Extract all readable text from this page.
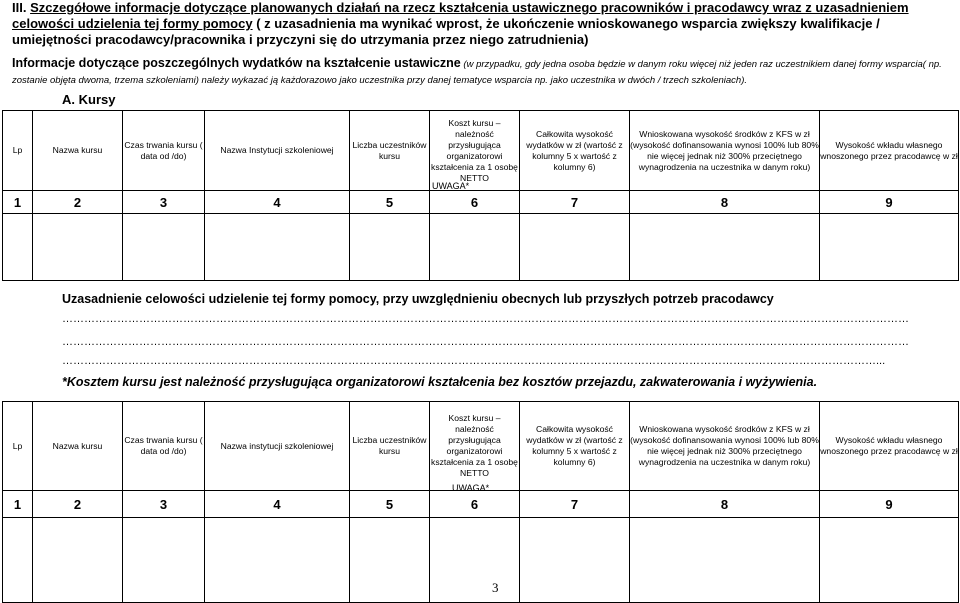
III. Szczegółowe informacje dotyczące planowanych działań na rzecz kształcenia ustawicznego pracowników i pracodawcy wraz z uzasadnieniem celowości udzielenia tej formy pomocy ( z uzasadnienia ma wynikać wprost, że ukończenie wnioskowanego wsparcia zwiększy kwalifikacje / umiejętności pracodawcy/pracownika i przyczyni się do utrzymania przez niego zatrudnienia)
Informacje dotyczące poszczególnych wydatków na kształcenie ustawiczne (w przypadku, gdy jedna osoba będzie w danym roku więcej niż jeden raz uczestnikiem danej formy wsparcia( np. zostanie objęta dwoma, trzema szkoleniami) należy wykazać ją każdorazowo jako uczestnika przy danej tematyce wsparcia np. jako uczestnika w dwóch / trzech szkoleniach).
A. Kursy
Lp	Nazwa kursu	Czas trwania kursu ( data od /do)	Nazwa Instytucji szkoleniowej	Liczba uczestników kursu	Koszt kursu – należność przysługująca organizatorowi kształcenia za 1 osobę NETTO	Całkowita wysokość wydatków w zł (wartość z kolumny 5 x wartość z kolumny 6)	Wnioskowana wysokość środków z KFS w zł (wysokość dofinansowania wynosi 100% lub 80% nie więcej jednak niż 300% przeciętnego wynagrodzenia na uczestnika w danym roku)	Wysokość wkładu własnego wnoszonego przez pracodawcę w zł
1	2	3	4	5	6	7	8	9

UWAGA*
Uzasadnienie celowości udzielenie tej formy pomocy, przy uwzględnieniu obecnych lub przyszłych potrzeb pracodawcy
……………………………………………………………………………………………………………………………………………………………………………………………………………
……………………………………………………………………………………………………………………………………………………………………………………………………………
……………………………………………………………………………………………………………………………………………………………………………………………………...
*Kosztem kursu jest należność przysługująca organizatorowi kształcenia bez kosztów przejazdu, zakwaterowania i wyżywienia.
Lp	Nazwa kursu	Czas trwania kursu ( data od /do)	Nazwa instytucji szkoleniowej	Liczba uczestników kursu	Koszt kursu – należność przysługująca organizatorowi kształcenia za 1 osobę NETTO	Całkowita wysokość wydatków w zł (wartość z kolumny 5 x wartość z kolumny 6)	Wnioskowana wysokość środków z KFS w zł (wysokość dofinansowania wynosi 100% lub 80% nie więcej jednak niż 300% przeciętnego wynagrodzenia na uczestnika w danym roku)	Wysokość wkładu własnego wnoszonego przez pracodawcę w zł
1	2	3	4	5	6	7	8	9

UWAGA*
3
